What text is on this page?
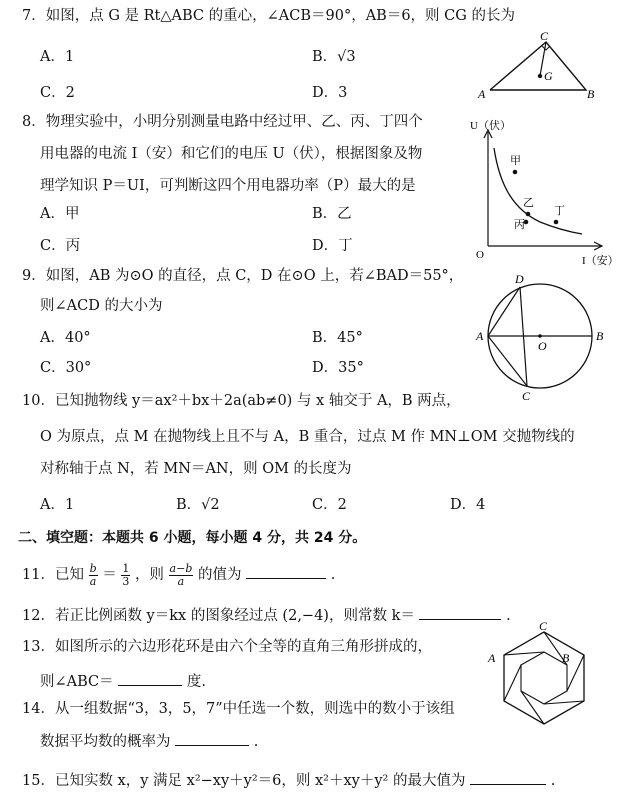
7．如图，点 G 是 Rt△ABC 的重心，∠ACB＝90°，AB＝6，则 CG 的长为
A．1	B．√3
C．2	D．3
C
G
A	B
8．物理实验中，小明分别测量电路中经过甲、乙、丙、丁四个
用电器的电流 I（安）和它们的电压 U（伏），根据图象及物
理学知识 P＝UI，可判断这四个用电器功率（P）最大的是
A．甲	B．乙
C．丙	D．丁
U（伏）
I（安）
O
甲
乙
丙
丁
9．如图，AB 为⊙O 的直径，点 C，D 在⊙O 上，若∠BAD＝55°，
则∠ACD 的大小为
A．40°	B．45°
C．30°	D．35°
D
A	B
O
C
10．已知抛物线 y＝ax²＋bx＋2a(ab≠0) 与 x 轴交于 A，B 两点，
O 为原点，点 M 在抛物线上且不与 A，B 重合，过点 M 作 MN⊥OM 交抛物线的
对称轴于点 N，若 MN＝AN，则 OM 的长度为
A．1	B．√2	C．2	D．4
二、填空题：本题共 6 小题，每小题 4 分，共 24 分。
11．已知 $\frac{b}{a} = \frac{1}{3}$ ，则 $\frac{a-b}{a}$ 的值为	.
12．若正比例函数 y＝kx 的图象经过点 (2,−4)，则常数 k＝	.
13．如图所示的六边形花环是由六个全等的直角三角形拼成的，
则∠ABC＝	度.
C
B
A
14．从一组数据“3，3，5，7”中任选一个数，则选中的数小于该组
数据平均数的概率为	.
15．已知实数 x，y 满足 x²−xy＋y²＝6，则 x²＋xy＋y² 的最大值为	.
